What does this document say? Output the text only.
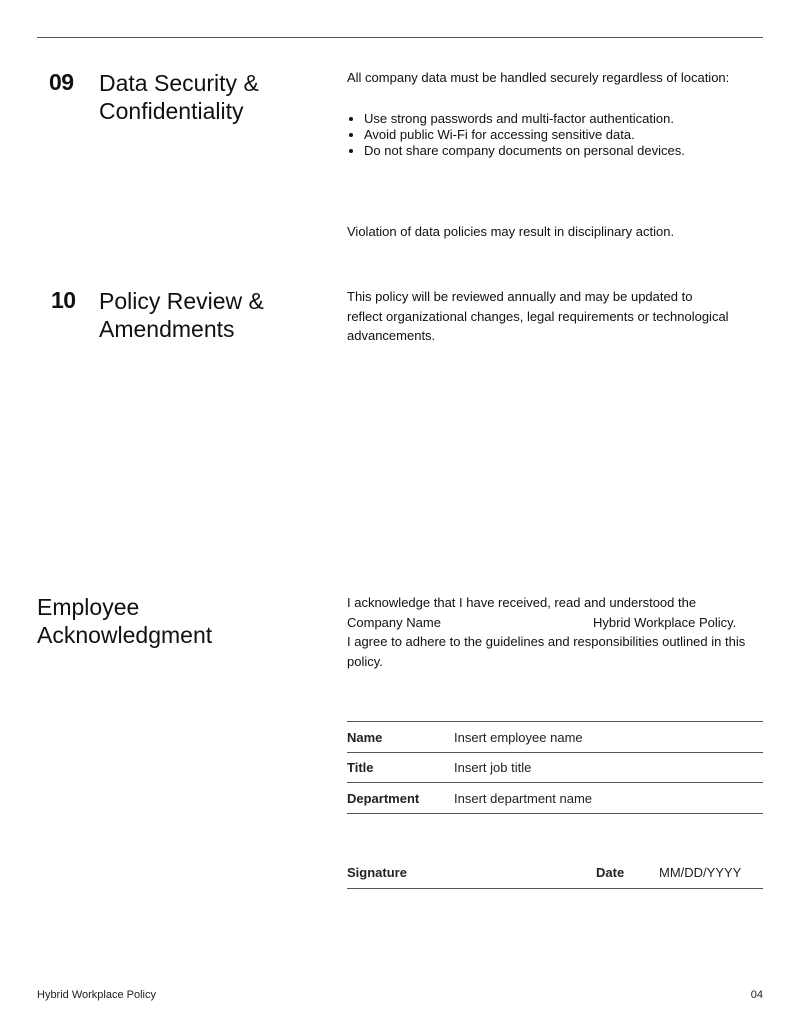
09 Data Security &
Confidentiality
All company data must be handled securely regardless of location:
• Use strong passwords and multi-factor authentication.
• Avoid public Wi-Fi for accessing sensitive data.
• Do not share company documents on personal devices.
Violation of data policies may result in disciplinary action.
10 Policy Review &
Amendments
This policy will be reviewed annually and may be updated to
reflect organizational changes, legal requirements or technological
advancements.
Employee
Acknowledgment
I acknowledge that I have received, read and understood the
Company Name	Hybrid Workplace Policy.
I agree to adhere to the guidelines and responsibilities outlined in this
policy.
Name	Insert employee name
Title	Insert job title
Department	Insert department name
Signature	Date	MM/DD/YYYY
Hybrid Workplace Policy	04
